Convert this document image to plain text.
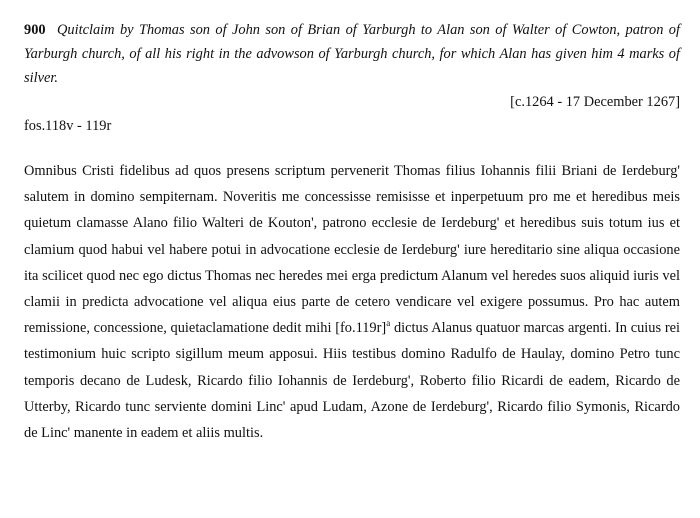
900 Quitclaim by Thomas son of John son of Brian of Yarburgh to Alan son of Walter of Cowton, patron of Yarburgh church, of all his right in the advowson of Yarburgh church, for which Alan has given him 4 marks of silver.

[c.1264 - 17 December 1267]

fos.118v - 119r

Omnibus Cristi fidelibus ad quos presens scriptum pervenerit Thomas filius Iohannis filii Briani de Ierdeburg' salutem in domino sempiternam. Noveritis me concessisse remisisse et inperpetuum pro me et heredibus meis quietum clamasse Alano filio Walteri de Kouton', patrono ecclesie de Ierdeburg' et heredibus suis totum ius et clamium quod habui vel habere potui in advocatione ecclesie de Ierdeburg' iure hereditario sine aliqua occasione ita scilicet quod nec ego dictus Thomas nec heredes mei erga predictum Alanum vel heredes suos aliquid iuris vel clamii in predicta advocatione vel aliqua eius parte de cetero vendicare vel exigere possumus. Pro hac autem remissione, concessione, quietaclamatione dedit mihi [fo.119r]$^a$ dictus Alanus quatuor marcas argenti. In cuius rei testimonium huic scripto sigillum meum apposui. Hiis testibus domino Radulfo de Haulay, domino Petro tunc temporis decano de Ludesk, Ricardo filio Iohannis de Ierdeburg', Roberto filio Ricardi de eadem, Ricardo de Utterby, Ricardo tunc serviente domini Linc' apud Ludam, Azone de Ierdeburg', Ricardo filio Symonis, Ricardo de Linc' manente in eadem et aliis multis.
